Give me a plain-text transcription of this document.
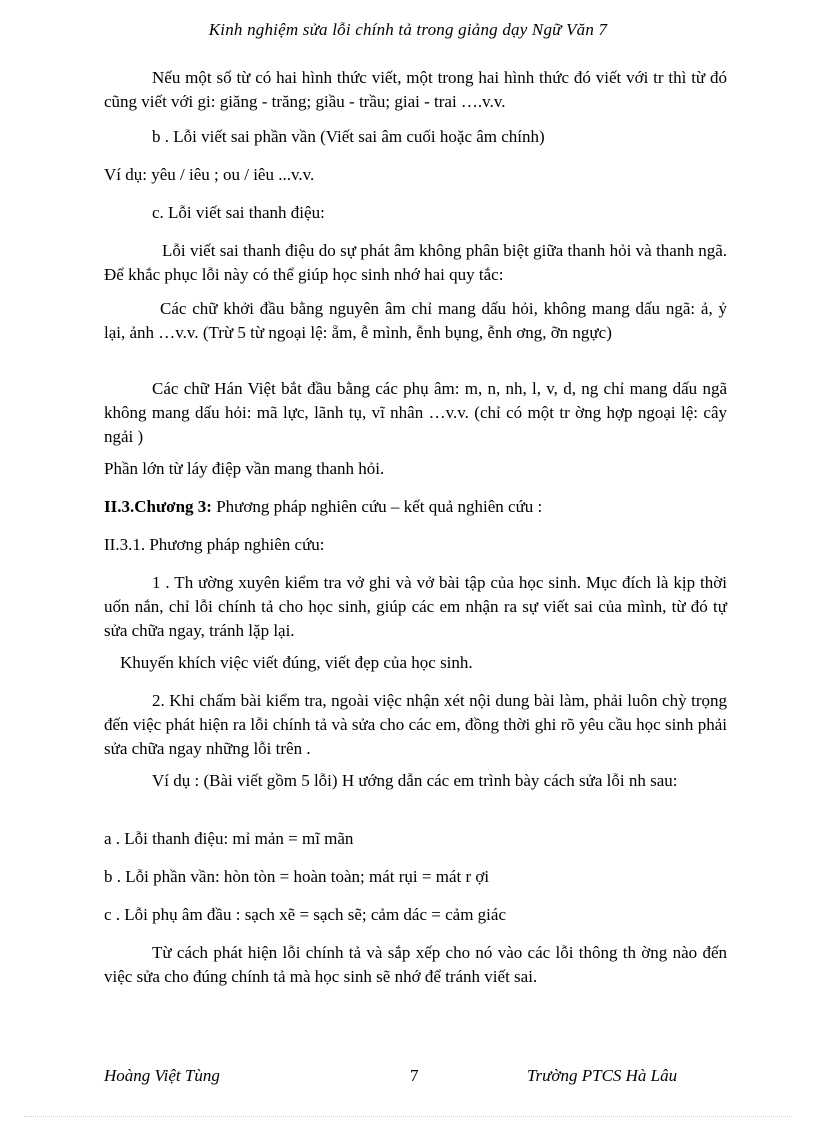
Kinh nghiệm sửa lỗi chính tả trong giảng dạy Ngữ Văn 7

Nếu một số từ có hai hình thức viết, một trong hai hình thức đó viết với tr thì từ đó cũng viết với gi: giăng - trăng; giầu - trầu; giai - trai ….v.v.

b . Lỗi viết sai phần vần (Viết sai âm cuối hoặc âm chính)

Ví dụ: yêu / iêu ; ou / iêu ...v.v.

c. Lỗi viết sai thanh điệu:

Lỗi viết sai thanh điệu do sự phát âm không phân biệt giữa thanh hỏi và thanh ngã. Để khắc phục lỗi này có thể giúp học sinh nhớ hai quy tắc:

Các chữ khởi đầu bằng nguyên âm chỉ mang dấu hỏi, không mang dấu ngã: ả, ỷ lại, ảnh …v.v. (Trừ 5 từ ngoại lệ: ẵm, ễ mình, ễnh bụng, ễnh ơng, ỡn ngực)

Các chữ Hán Việt bắt đầu bằng các phụ âm: m, n, nh, l, v, d, ng chỉ mang dấu ngã không mang dấu hỏi: mã lực, lãnh tụ, vĩ nhân …v.v. (chỉ có một tr ờng hợp ngoại lệ: cây ngải )

Phần lớn từ láy điệp vần mang thanh hỏi.

II.3.Chương 3: Phương pháp nghiên cứu – kết quả nghiên cứu :

II.3.1. Phương pháp nghiên cứu:

1 . Th ường xuyên kiểm tra vở ghi và vở bài tập của học sinh. Mục đích là kịp thời uốn nắn, chỉ lỗi chính tả cho học sinh, giúp các em nhận ra sự viết sai của mình, từ đó tự sửa chữa ngay, tránh lặp lại.

Khuyến khích việc viết đúng, viết đẹp của học sinh.

2. Khi chấm bài kiểm tra, ngoài việc nhận xét nội dung bài làm, phải luôn chỳ trọng đến việc phát hiện ra lỗi chính tả và sửa cho các em, đồng thời ghi rõ yêu cầu học sinh phải sửa chữa ngay những lỗi trên .

Ví dụ : (Bài viết gồm 5 lỗi) H ướng dẫn các em trình bày cách sửa lỗi nh sau:

a . Lỗi thanh điệu: mỉ mản = mĩ mãn

b . Lỗi phần vần: hòn tòn = hoàn toàn; mát rụi = mát r ợi

c . Lỗi phụ âm đầu : sạch xẽ = sạch sẽ; cảm dác = cảm giác

Từ cách phát hiện lỗi chính tả và sắp xếp cho nó vào các lỗi thông th ờng nào đến việc sửa cho đúng chính tả mà học sinh sẽ nhớ để tránh viết sai.

Hoàng Việt Tùng	7	Trường PTCS Hà Lâu
